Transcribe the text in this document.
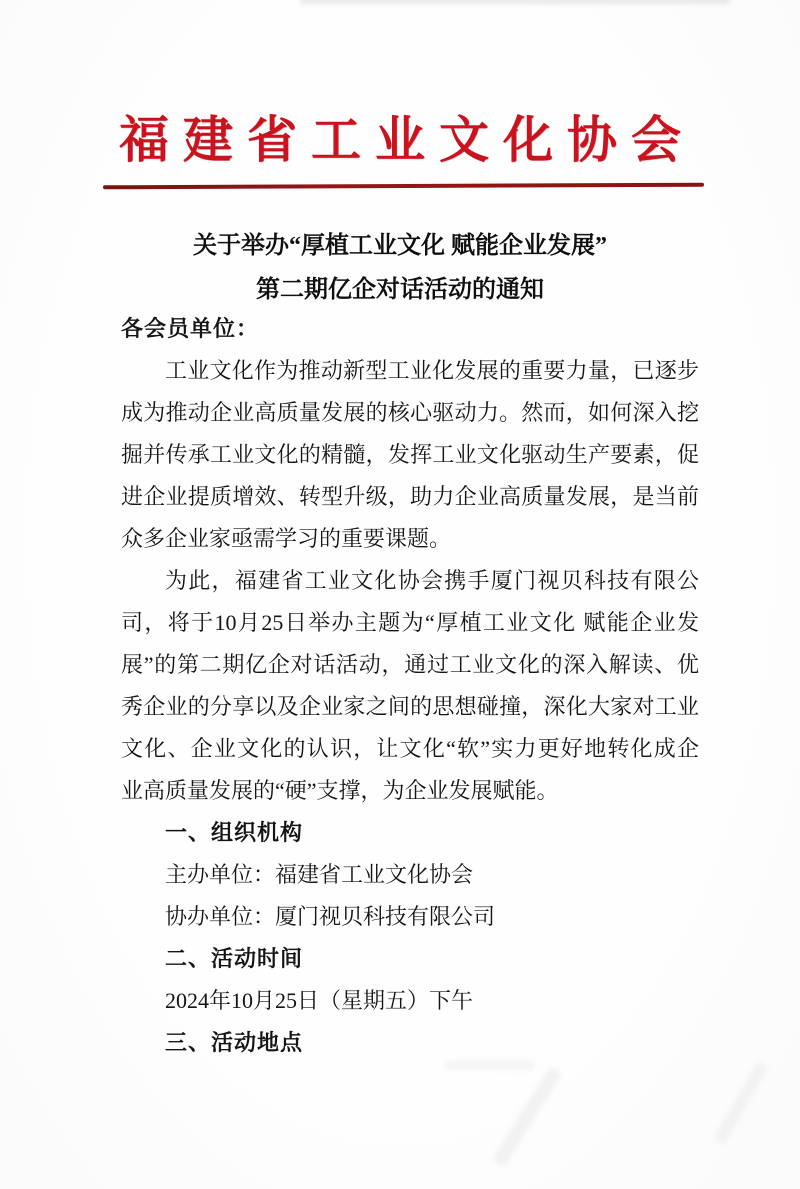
福建省工业文化协会
关于举办“厚植工业文化 赋能企业发展”
第二期亿企对话活动的通知
各会员单位：
工业文化作为推动新型工业化发展的重要力量，已逐步
成为推动企业高质量发展的核心驱动力。然而，如何深入挖
掘并传承工业文化的精髓，发挥工业文化驱动生产要素，促
进企业提质增效、转型升级，助力企业高质量发展，是当前
众多企业家亟需学习的重要课题。
为此，福建省工业文化协会携手厦门视贝科技有限公
司，将于10月25日举办主题为“厚植工业文化 赋能企业发
展”的第二期亿企对话活动，通过工业文化的深入解读、优
秀企业的分享以及企业家之间的思想碰撞，深化大家对工业
文化、企业文化的认识，让文化“软”实力更好地转化成企
业高质量发展的“硬”支撑，为企业发展赋能。
一、组织机构
主办单位：福建省工业文化协会
协办单位：厦门视贝科技有限公司
二、活动时间
2024年10月25日（星期五）下午
三、活动地点
